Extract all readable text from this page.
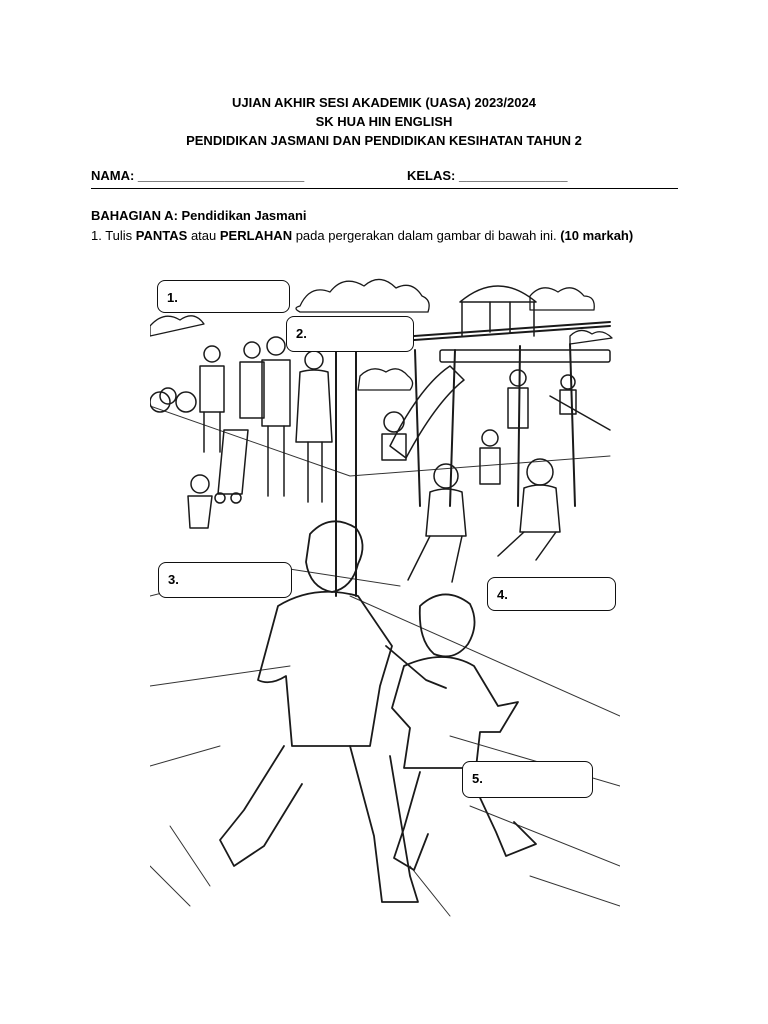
UJIAN AKHIR SESI AKADEMIK (UASA) 2023/2024
SK HUA HIN ENGLISH
PENDIDIKAN JASMANI DAN PENDIDIKAN KESIHATAN TAHUN 2
NAMA: _______________________	KELAS: _______________
BAHAGIAN A: Pendidikan Jasmani
1. Tulis PANTAS atau PERLAHAN pada pergerakan dalam gambar di bawah ini. (10 markah)
1.
2.
3.
4.
5.
